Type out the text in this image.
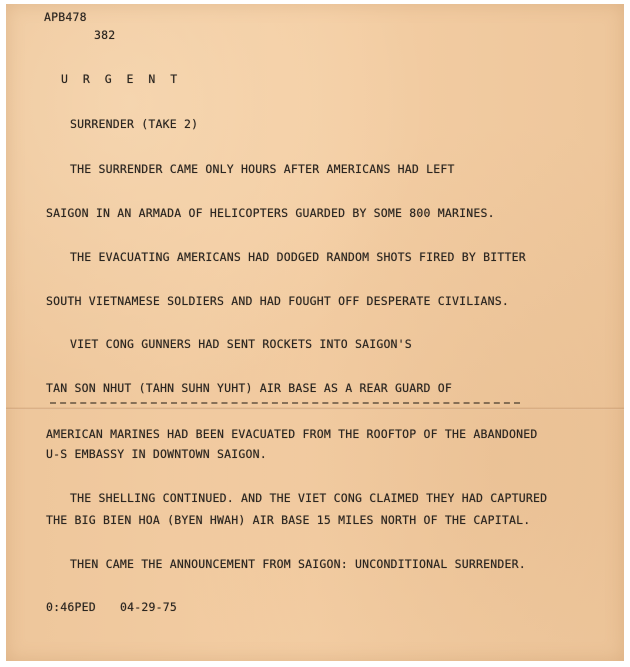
APB478

382

U R G E N T

SURRENDER (TAKE 2)

THE SURRENDER CAME ONLY HOURS AFTER AMERICANS HAD LEFT

SAIGON IN AN ARMADA OF HELICOPTERS GUARDED BY SOME 800 MARINES.

THE EVACUATING AMERICANS HAD DODGED RANDOM SHOTS FIRED BY BITTER

SOUTH VIETNAMESE SOLDIERS AND HAD FOUGHT OFF DESPERATE CIVILIANS.

VIET CONG GUNNERS HAD SENT ROCKETS INTO SAIGON'S

TAN SON NHUT (TAHN SUHN YUHT) AIR BASE AS A REAR GUARD OF

AMERICAN MARINES HAD BEEN EVACUATED FROM THE ROOFTOP OF THE ABANDONED

U-S EMBASSY IN DOWNTOWN SAIGON.

THE SHELLING CONTINUED. AND THE VIET CONG CLAIMED THEY HAD CAPTURED

THE BIG BIEN HOA (BYEN HWAH) AIR BASE 15 MILES NORTH OF THE CAPITAL.

THEN CAME THE ANNOUNCEMENT FROM SAIGON: UNCONDITIONAL SURRENDER.

0:46PED 04-29-75
